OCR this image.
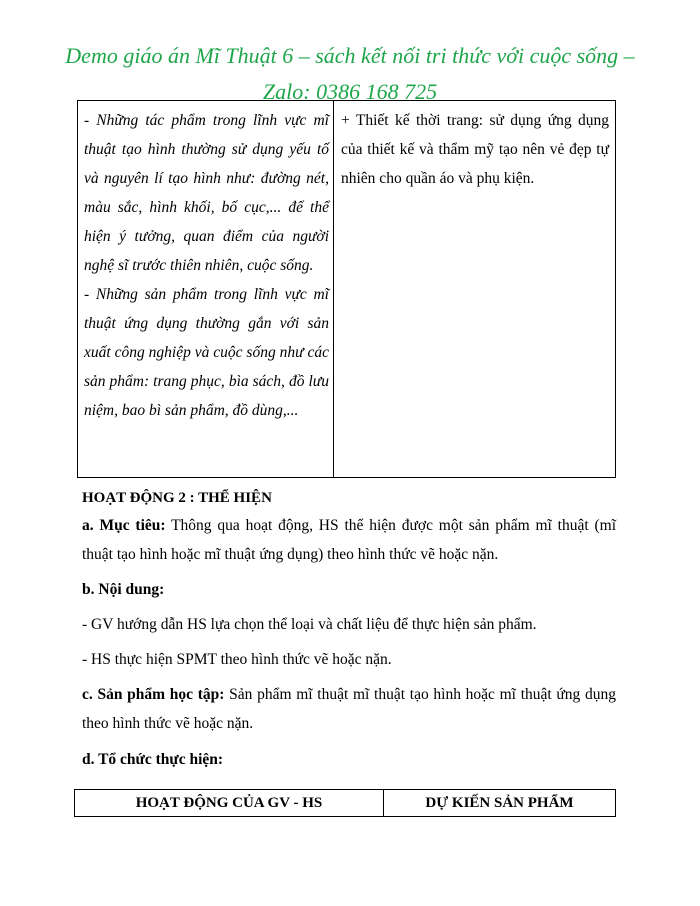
Demo giáo án Mĩ Thuật 6 – sách kết nối tri thức với cuộc sống –
Zalo: 0386 168 725

- Những tác phẩm trong lĩnh vực mĩ thuật tạo hình thường sử dụng yếu tố và nguyên lí tạo hình như: đường nét, màu sắc, hình khối, bố cục,... để thể hiện ý tưởng, quan điểm của người nghệ sĩ trước thiên nhiên, cuộc sống.

- Những sản phẩm trong lĩnh vực mĩ thuật ứng dụng thường gắn với sản xuất công nghiệp và cuộc sống như các sản phẩm: trang phục, bìa sách, đồ lưu niệm, bao bì sản phẩm, đồ dùng,...

+ Thiết kế thời trang: sử dụng ứng dụng của thiết kế và thẩm mỹ tạo nên vẻ đẹp tự nhiên cho quần áo và phụ kiện.

HOẠT ĐỘNG 2 : THỂ HIỆN

a. Mục tiêu: Thông qua hoạt động, HS thể hiện được một sản phẩm mĩ thuật (mĩ thuật tạo hình hoặc mĩ thuật ứng dụng) theo hình thức vẽ hoặc nặn.

b. Nội dung:

- GV hướng dẫn HS lựa chọn thể loại và chất liệu để thực hiện sản phẩm.

- HS thực hiện SPMT theo hình thức vẽ hoặc nặn.

c. Sản phẩm học tập: Sản phẩm mĩ thuật mĩ thuật tạo hình hoặc mĩ thuật ứng dụng theo hình thức vẽ hoặc nặn.

d. Tổ chức thực hiện:

HOẠT ĐỘNG CỦA GV - HS	DỰ KIẾN SẢN PHẨM
